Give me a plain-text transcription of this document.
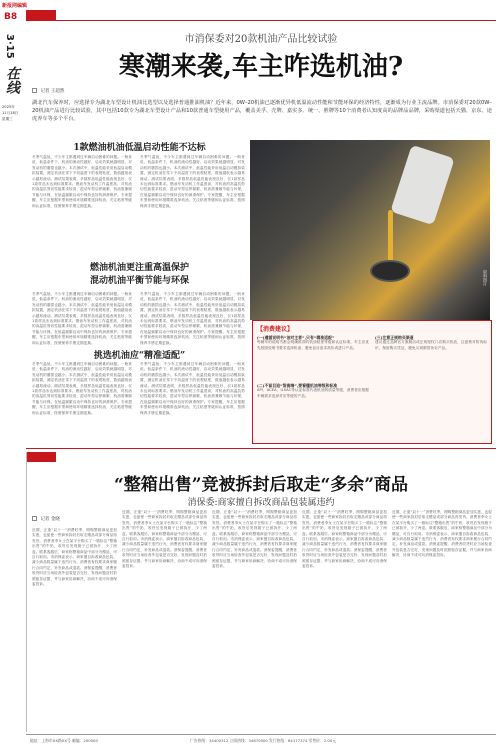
新报网编辑
B8
3·15
在线
2025年
11月18日
星期三
消保测评
市消保委对20款机油产品比较试验
寒潮来袭,车主咋选机油?
记者 王超然
湖北汽车保养时，应选择专为湖北车型设计机油比选型以及选择普通推油机油？近年来，0W–20机油已逐渐优异机低温流动性能和节能环保的经济特性，逐渐成为行业主流品牌。市消保委对20款0W–20机油产品进行比较试验，其中包括10款专为湖北车型设计产品和10款普通车型使用产品，覆盖美孚、壳牌、嘉实多、统一、胜牌等10个消费者认知度高的品牌品品牌，采购渠道包括天猫、京东、途虎养车等多个平台。
1款燃油机油低温启动性能不达标
冬季气温低，不少车主都遇到过车辆启动困难的问题。一般来说，低温条件下，机油的流动性越好，启动效果就越明显，对发动机的磨损也越小。本次测试中，低温性能采用低温启动模拟装置，测定机油在零下不同温度下的表观粘度，数值越低表示越易流动。测试结果表明，多数样品低温性能表现良好，仅1款样品未达到标准要求。燃油车发动机工作温度高，对机油的高温抗剪切性能要求较高，混动车型启停频繁，机油需兼顾节能与环保，在低温频繁启动中保持良好的润滑保护。专家提醒，车主应根据车型和使用环境精准选择机油，关注粘度等级和认证标准，按照保养手册定期更换。
冬季气温低，不少车主都遇到过车辆启动困难的问题。一般来说，低温条件下，机油的流动性越好，启动效果就越明显，对发动机的磨损也越小。本次测试中，低温性能采用低温启动模拟装置，测定机油在零下不同温度下的表观粘度，数值越低表示越易流动。测试结果表明，多数样品低温性能表现良好，仅1款样品未达到标准要求。燃油车发动机工作温度高，对机油的高温抗剪切性能要求较高，混动车型启停频繁，机油需兼顾节能与环保，在低温频繁启动中保持良好的润滑保护。专家提醒，车主应根据车型和使用环境精准选择机油，关注粘度等级和认证标准，按照保养手册定期更换。
资料图片
燃油机油更注重高温保护
混动机油平衡节能与环保
冬季气温低，不少车主都遇到过车辆启动困难的问题。一般来说，低温条件下，机油的流动性越好，启动效果就越明显，对发动机的磨损也越小。本次测试中，低温性能采用低温启动模拟装置，测定机油在零下不同温度下的表观粘度，数值越低表示越易流动。测试结果表明，多数样品低温性能表现良好，仅1款样品未达到标准要求。燃油车发动机工作温度高，对机油的高温抗剪切性能要求较高，混动车型启停频繁，机油需兼顾节能与环保，在低温频繁启动中保持良好的润滑保护。专家提醒，车主应根据车型和使用环境精准选择机油，关注粘度等级和认证标准，按照保养手册定期更换。
冬季气温低，不少车主都遇到过车辆启动困难的问题。一般来说，低温条件下，机油的流动性越好，启动效果就越明显，对发动机的磨损也越小。本次测试中，低温性能采用低温启动模拟装置，测定机油在零下不同温度下的表观粘度，数值越低表示越易流动。测试结果表明，多数样品低温性能表现良好，仅1款样品未达到标准要求。燃油车发动机工作温度高，对机油的高温抗剪切性能要求较高，混动车型启停频繁，机油需兼顾节能与环保，在低温频繁启动中保持良好的润滑保护。专家提醒，车主应根据车型和使用环境精准选择机油，关注粘度等级和认证标准，按照保养手册定期更换。
挑选机油应“精准适配”
冬季气温低，不少车主都遇到过车辆启动困难的问题。一般来说，低温条件下，机油的流动性越好，启动效果就越明显，对发动机的磨损也越小。本次测试中，低温性能采用低温启动模拟装置，测定机油在零下不同温度下的表观粘度，数值越低表示越易流动。测试结果表明，多数样品低温性能表现良好，仅1款样品未达到标准要求。燃油车发动机工作温度高，对机油的高温抗剪切性能要求较高，混动车型启停频繁，机油需兼顾节能与环保，在低温频繁启动中保持良好的润滑保护。专家提醒，车主应根据车型和使用环境精准选择机油，关注粘度等级和认证标准，按照保养手册定期更换。
冬季气温低，不少车主都遇到过车辆启动困难的问题。一般来说，低温条件下，机油的流动性越好，启动效果就越明显，对发动机的磨损也越小。本次测试中，低温性能采用低温启动模拟装置，测定机油在零下不同温度下的表观粘度，数值越低表示越易流动。测试结果表明，多数样品低温性能表现良好，仅1款样品未达到标准要求。燃油车发动机工作温度高，对机油的高温抗剪切性能要求较高，混动车型启停频繁，机油需兼顾节能与环保，在低温频繁启动中保持良好的润滑保护。专家提醒，车主应根据车型和使用环境精准选择机油，关注粘度等级和认证标准，按照保养手册定期更换。
【消费建议】
(一)遵循说明书“油对主者”,只有“精准适配”
每辆车的说明书都会明确推荐的机油粘度等级和认证标准，车主应优先按照说明书要求选择机油，避免盲目追求高价或进口产品。
(二)不盲目追“智高端”,要看懂机油等级和标准
API、ACEA、ILSAC等认证标准代表机油的质量等级，消费者应根据车辆需求选择对应等级的产品。
(三)注意正规购买渠道
建议通过品牌官方旗舰店或正规授权门店购买机油，注意核对防伪标识，保留购买凭证，避免买到假冒伪劣产品。
消费提醒
“整箱出售”竞被拆封后取走“多余”商品
消保委:商家擅自拆改商品包装属违约
记者 金晓
近期，正逢“双十一”消费旺季，网购整箱商品更加实惠，也促使一些商家拆封后取走赠品或部分商品再发货。消费者李女士在某平台购买了一箱标注“整箱出售”的牛奶，收货后发现箱子已被拆开，少了两盒。联系客服后，商家称整箱商品中部分为赠品，可自行取用。市消保委表示，商家擅自拆改商品包装、减少商品数量属于违约行为，消费者有权要求商家履行合同约定，补发商品或退款。消保委提醒，消费者收货时应当场检查外包装是否完好，发现问题及时拍照留存证据，并与商家协商解决，协商不成可向消保委投诉。
近期，正逢“双十一”消费旺季，网购整箱商品更加实惠，也促使一些商家拆封后取走赠品或部分商品再发货。消费者李女士在某平台购买了一箱标注“整箱出售”的牛奶，收货后发现箱子已被拆开，少了两盒。联系客服后，商家称整箱商品中部分为赠品，可自行取用。市消保委表示，商家擅自拆改商品包装、减少商品数量属于违约行为，消费者有权要求商家履行合同约定，补发商品或退款。消保委提醒，消费者收货时应当场检查外包装是否完好，发现问题及时拍照留存证据，并与商家协商解决，协商不成可向消保委投诉。
近期，正逢“双十一”消费旺季，网购整箱商品更加实惠，也促使一些商家拆封后取走赠品或部分商品再发货。消费者李女士在某平台购买了一箱标注“整箱出售”的牛奶，收货后发现箱子已被拆开，少了两盒。联系客服后，商家称整箱商品中部分为赠品，可自行取用。市消保委表示，商家擅自拆改商品包装、减少商品数量属于违约行为，消费者有权要求商家履行合同约定，补发商品或退款。消保委提醒，消费者收货时应当场检查外包装是否完好，发现问题及时拍照留存证据，并与商家协商解决，协商不成可向消保委投诉。
近期，正逢“双十一”消费旺季，网购整箱商品更加实惠，也促使一些商家拆封后取走赠品或部分商品再发货。消费者李女士在某平台购买了一箱标注“整箱出售”的牛奶，收货后发现箱子已被拆开，少了两盒。联系客服后，商家称整箱商品中部分为赠品，可自行取用。市消保委表示，商家擅自拆改商品包装、减少商品数量属于违约行为，消费者有权要求商家履行合同约定，补发商品或退款。消保委提醒，消费者收货时应当场检查外包装是否完好，发现问题及时拍照留存证据，并与商家协商解决，协商不成可向消保委投诉。
近期，正逢“双十一”消费旺季，网购整箱商品更加实惠，也促使一些商家拆封后取走赠品或部分商品再发货。消费者李女士在某平台购买了一箱标注“整箱出售”的牛奶，收货后发现箱子已被拆开，少了两盒。联系客服后，商家称整箱商品中部分为赠品，可自行取用。市消保委表示，商家擅自拆改商品包装、减少商品数量属于违约行为，消费者有权要求商家履行合同约定，补发商品或退款。消保委提醒，消费者收货时应当场检查外包装是否完好，发现问题及时拍照留存证据，并与商家协商解决，协商不成可向消保委投诉。
地址：上海市XX路XX号 邮编：200000	广告热线：34400312 订阅热线：34870000 发行热线：64177374 零售价：2.00元
